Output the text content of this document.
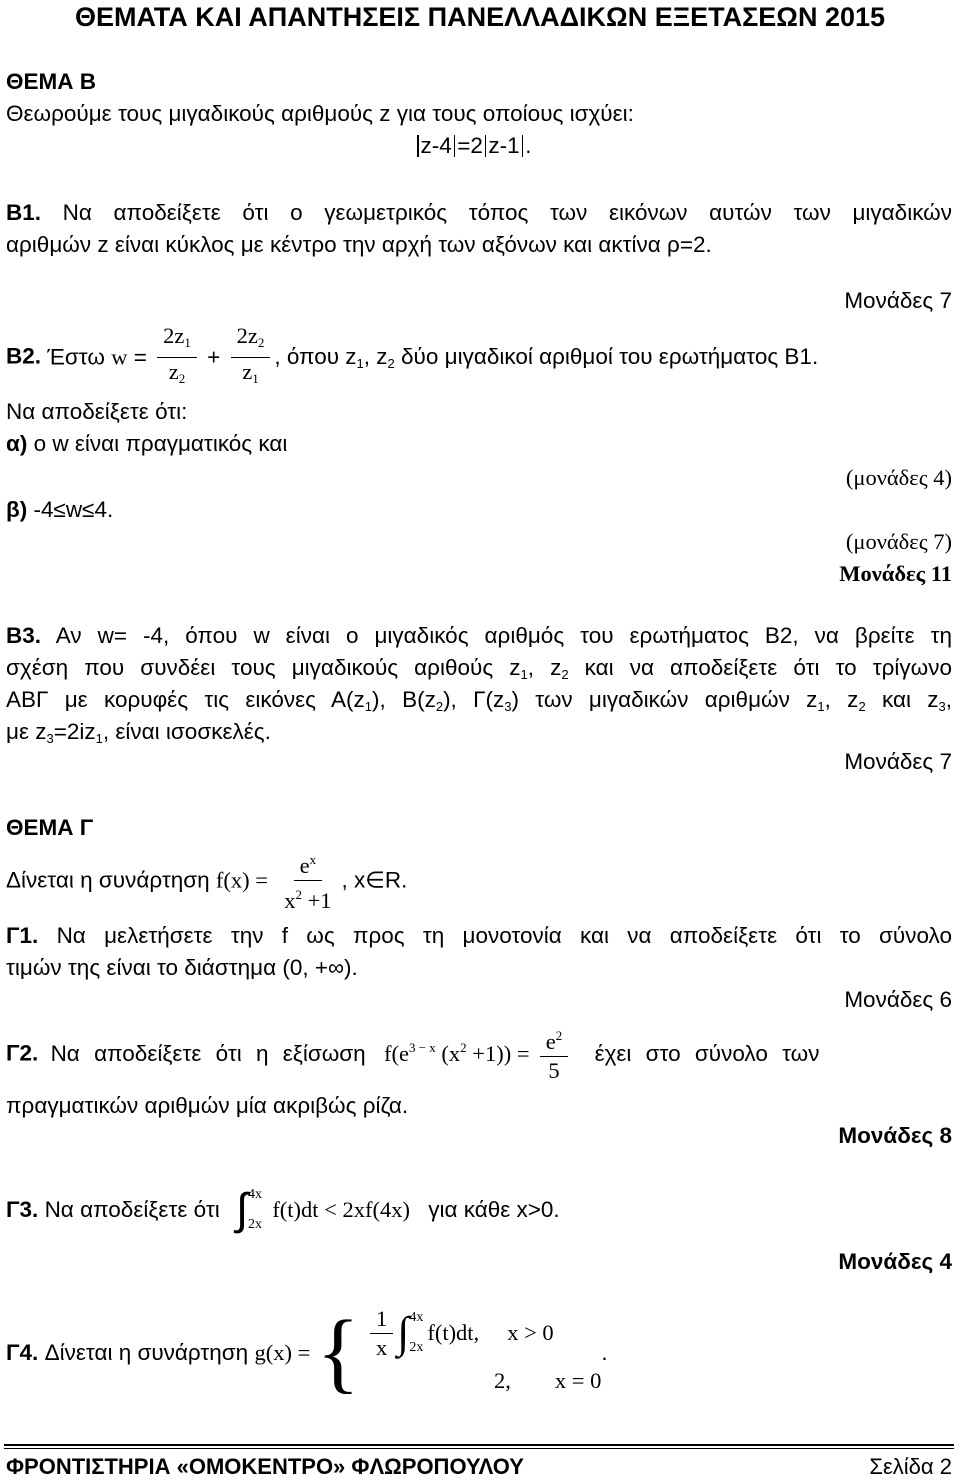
ΘΕΜΑΤΑ ΚΑΙ ΑΠΑΝΤΗΣΕΙΣ ΠΑΝΕΛΛΑΔΙΚΩΝ ΕΞΕΤΑΣΕΩΝ 2015
ΘΕΜΑ Β
Θεωρούμε τους μιγαδικούς αριθμούς z για τους οποίους ισχύει:
z-4 =2 z-1 .
Β1. Να αποδείξετε ότι ο γεωμετρικός τόπος των εικόνων αυτών των μιγαδικών
αριθμών z είναι κύκλος με κέντρο την αρχή των αξόνων και ακτίνα ρ=2.
Μονάδες 7
Β2. Έστω $w = \frac{2z_1}{z_2} + \frac{2z_2}{z_1}$ , όπου $z_1$, $z_2$ δύο μιγαδικοί αριθμοί του ερωτήματος Β1.
Να αποδείξετε ότι:
α) ο w είναι πραγματικός και
(μονάδες 4)
β) -4≤w≤4.
(μονάδες 7)
Μονάδες 11
Β3. Αν w= -4, όπου w είναι ο μιγαδικός αριθμός του ερωτήματος Β2, να βρείτε τη
σχέση που συνδέει τους μιγαδικούς αριθούς $z_1$, $z_2$ και να αποδείξετε ότι το τρίγωνο
ΑΒΓ με κορυφές τις εικόνες $A(z_1)$, $B(z_2)$, $\Gamma(z_3)$ των μιγαδικών αριθμών $z_1$, $z_2$ και $z_3$,
με $z_3=2iz_1$, είναι ισοσκελές.
Μονάδες 7
ΘΕΜΑ Γ
Δίνεται η συνάρτηση $f(x) = \frac{e^x}{x^2 +1}$ , x∈R.
Γ1. Να μελετήσετε την f ως προς τη μονοτονία και να αποδείξετε ότι το σύνολο
τιμών της είναι το διάστημα (0, +∞).
Μονάδες 6
Γ2. Να αποδείξετε ότι η εξίσωση $f(e^{3 - x}$ $(x^2 +1)) = \frac{e^2}{5}$ έχει στο σύνολο των
πραγματικών αριθμών μία ακριβώς ρίζα.
Μονάδες 8
Γ3. Να αποδείξετε ότι ∫ 4x
2x
f(t)dt < 2xf(4x) για κάθε x>0.
Μονάδες 4
Γ4. Δίνεται η συνάρτηση g(x) = { $\frac{1}{x}$ ∫ 4x
2x
f(t)dt, x > 0
2, x = 0
.
ΦΡΟΝΤΙΣΤΗΡΙΑ «ΟΜΟΚΕΝΤΡΟ» ΦΛΩΡΟΠΟΥΛΟΥ	Σελίδα 2
